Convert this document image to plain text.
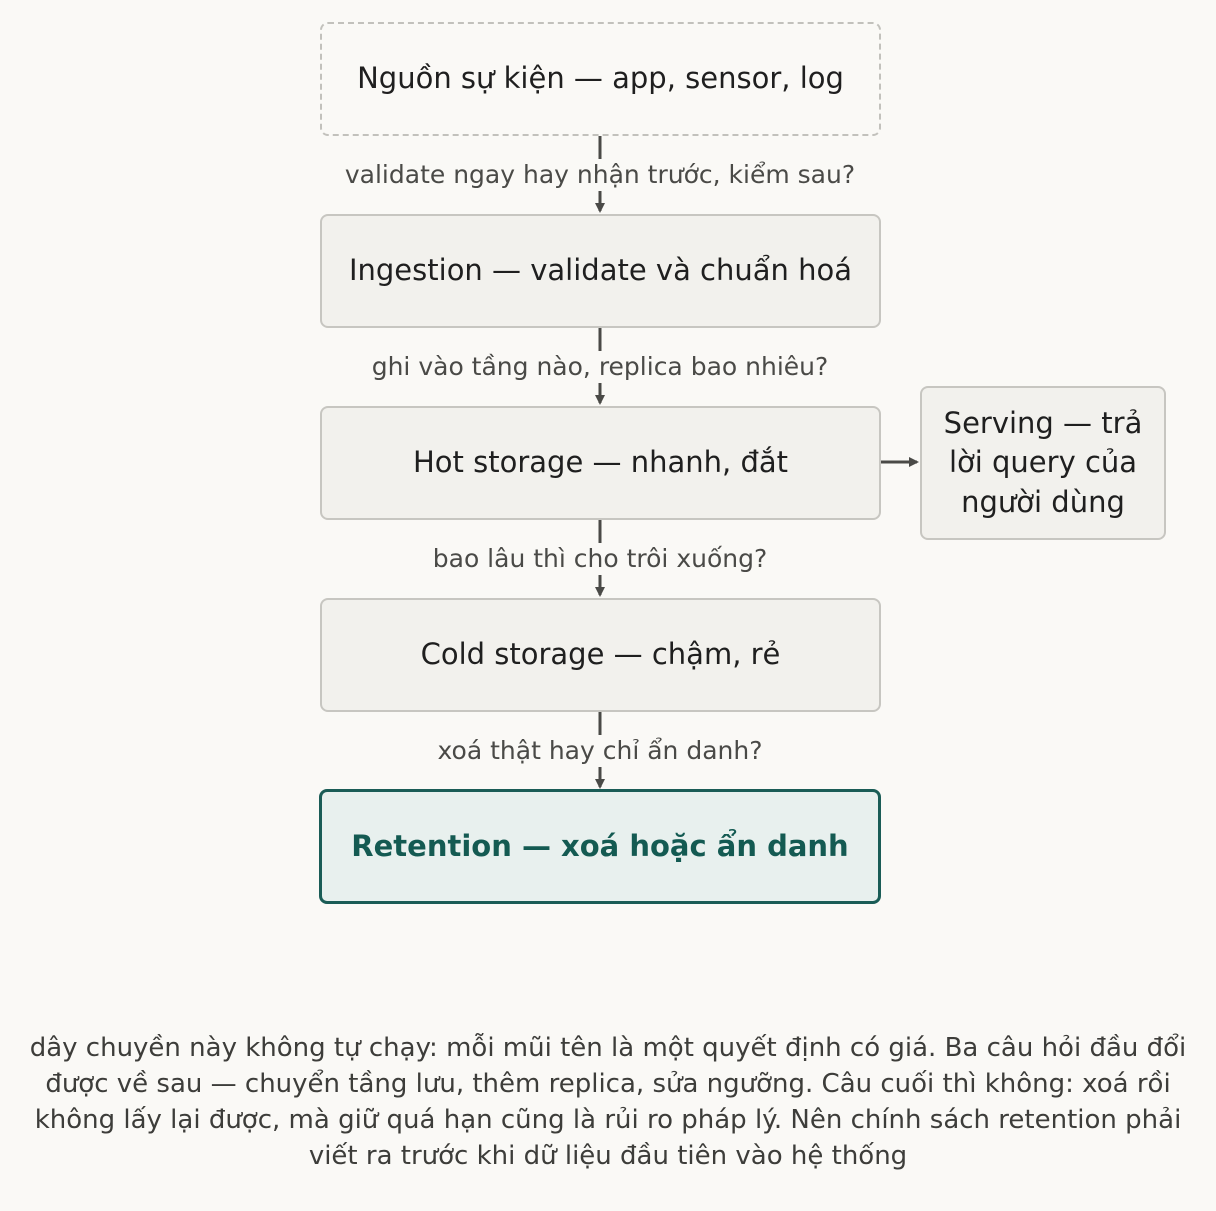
Nguồn sự kiện — app, sensor, log
Ingestion — validate và chuẩn hoá
Hot storage — nhanh, đắt
Cold storage — chậm, rẻ
Retention — xoá hoặc ẩn danh
Serving — trả lời query của người dùng
validate ngay hay nhận trước, kiểm sau?
ghi vào tầng nào, replica bao nhiêu?
bao lâu thì cho trôi xuống?
xoá thật hay chỉ ẩn danh?
dây chuyền này không tự chạy: mỗi mũi tên là một quyết định có giá. Ba câu hỏi đầu đổi được về sau — chuyển tầng lưu, thêm replica, sửa ngưỡng. Câu cuối thì không: xoá rồi không lấy lại được, mà giữ quá hạn cũng là rủi ro pháp lý. Nên chính sách retention phải viết ra trước khi dữ liệu đầu tiên vào hệ thống
